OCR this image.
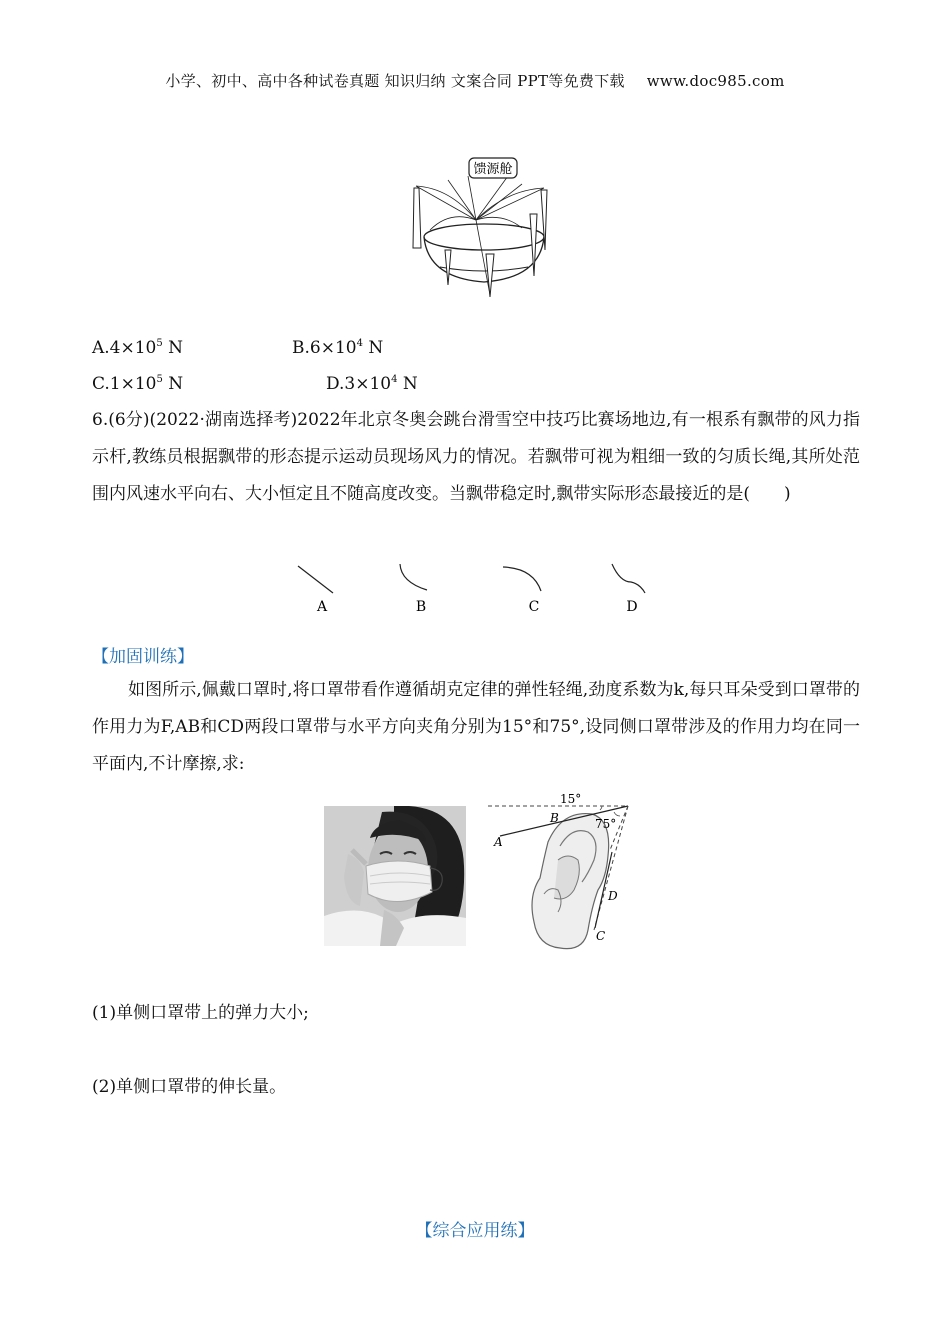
小学、初中、高中各种试卷真题 知识归纳 文案合同 PPT等免费下载 www.doc985.com
馈源舱
$A.4\times 10^5$ N	$B.6\times 10^4$ N
$C.1\times 10^5$ N	$D.3\times 10^4$ N
6.(6分)(2022·湖南选择考)2022年北京冬奥会跳台滑雪空中技巧比赛场地边,有一根系有飘带的风力指示杆,教练员根据飘带的形态提示运动员现场风力的情况。若飘带可视为粗细一致的匀质长绳,其所处范围内风速水平向右、大小恒定且不随高度改变。当飘带稳定时,飘带实际形态最接近的是(　　)
A	B	C	D
【加固训练】
如图所示,佩戴口罩时,将口罩带看作遵循胡克定律的弹性轻绳,劲度系数为k,每只耳朵受到口罩带的作用力为F,AB和CD两段口罩带与水平方向夹角分别为15°和75°,设同侧口罩带涉及的作用力均在同一平面内,不计摩擦,求:
15°
75°
A
B
C
D
(1)单侧口罩带上的弹力大小;
(2)单侧口罩带的伸长量。
【综合应用练】
